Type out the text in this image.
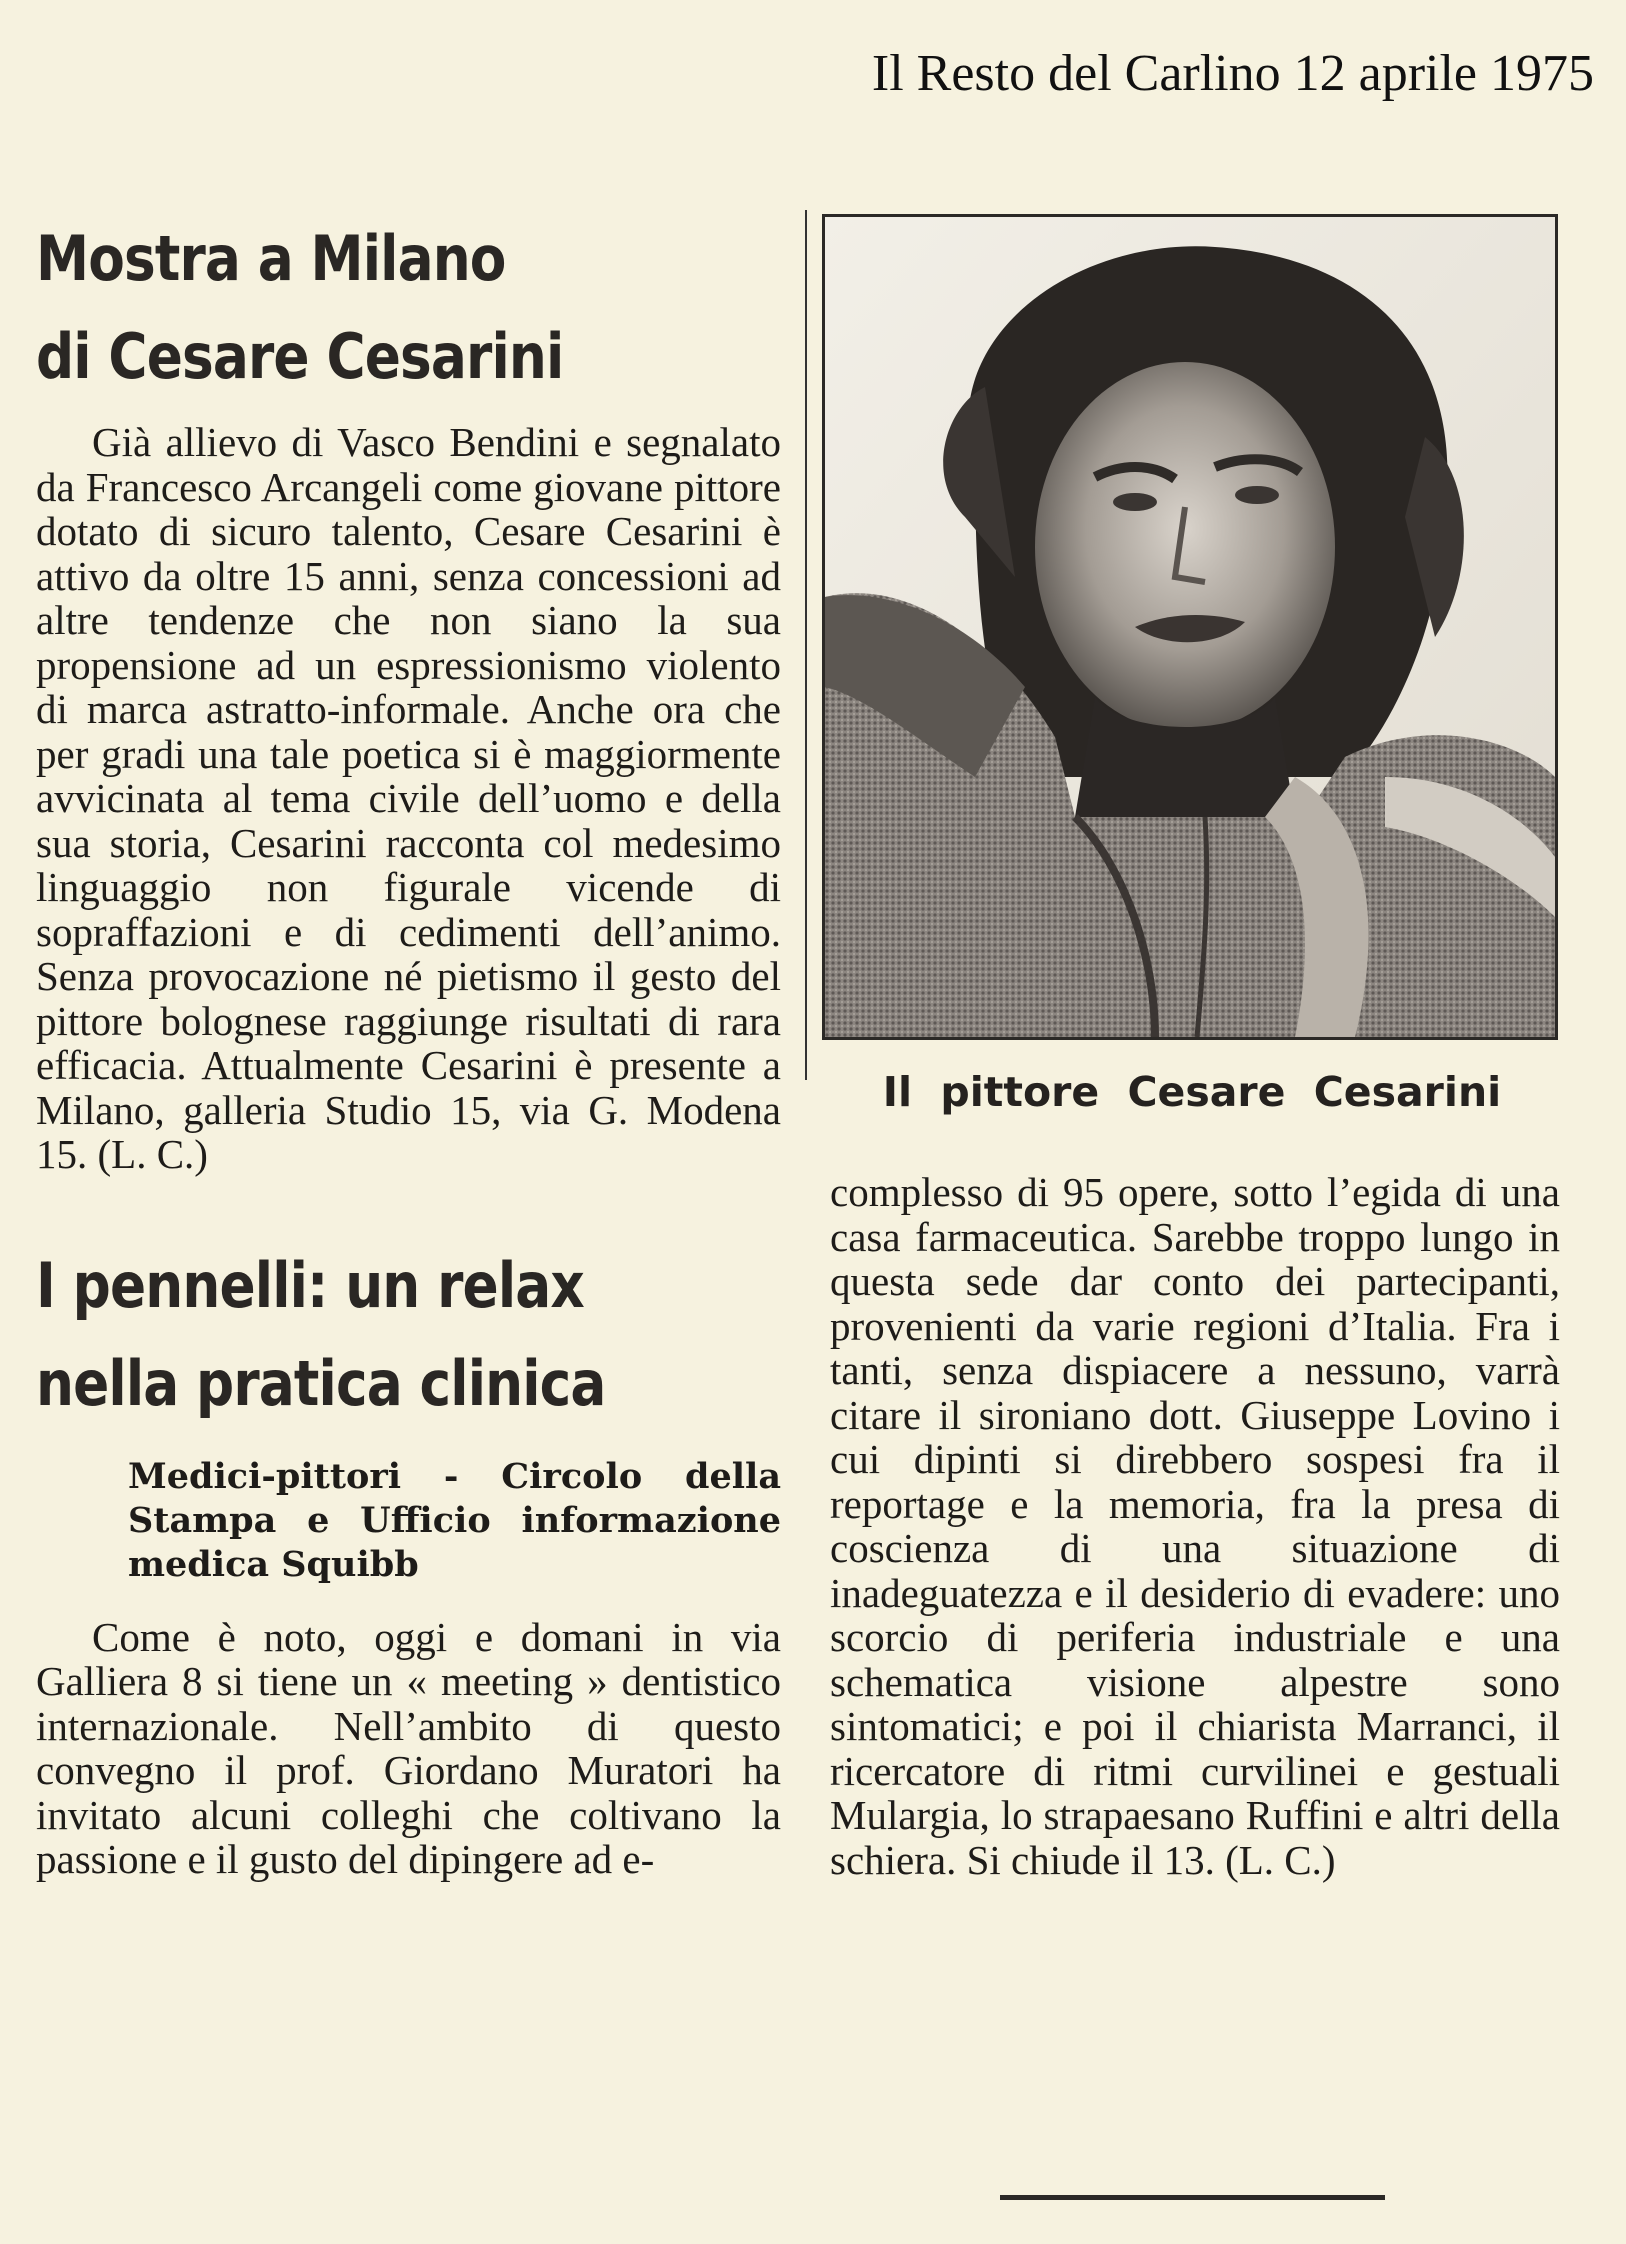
Il Resto del Carlino 12 aprile 1975
Mostra a Milano
di Cesare Cesarini

Già allievo di Vasco Bendini e segnalato da Francesco Arcangeli come giovane pittore dotato di sicuro talento, Cesare Cesarini è attivo da oltre 15 anni, senza concessioni ad altre tendenze che non siano la sua propensione ad un espressionismo violento di marca astratto-informale. Anche ora che per gradi una tale poetica si è maggiormente avvicinata al tema civile dell’uomo e della sua storia, Cesarini racconta col medesimo linguaggio non figurale vicende di sopraffazioni e di cedimenti dell’animo. Senza provocazione né pietismo il gesto del pittore bolognese raggiunge risultati di rara efficacia. Attualmente Cesarini è presente a Milano, galleria Studio 15, via G. Modena 15. (L. C.)

I pennelli: un relax
nella pratica clinica

Medici-pittori - Circolo della Stampa e Ufficio informazione medica Squibb

Come è noto, oggi e domani in via Galliera 8 si tiene un « meeting » dentistico internazionale. Nell’ambito di questo convegno il prof. Giordano Muratori ha invitato alcuni colleghi che coltivano la passione e il gusto del dipingere ad e-

Il pittore Cesare Cesarini

complesso di 95 opere, sotto l’egida di una casa farmaceutica. Sarebbe troppo lungo in questa sede dar conto dei partecipanti, provenienti da varie regioni d’Italia. Fra i tanti, senza dispiacere a nessuno, varrà citare il sironiano dott. Giuseppe Lovino i cui dipinti si direbbero sospesi fra il reportage e la memoria, fra la presa di coscienza di una situazione di inadeguatezza e il desiderio di evadere: uno scorcio di periferia industriale e una schematica visione alpestre sono sintomatici; e poi il chiarista Marranci, il ricercatore di ritmi curvilinei e gestuali Mulargia, lo strapaesano Ruffini e altri della schiera. Si chiude il 13. (L. C.)
